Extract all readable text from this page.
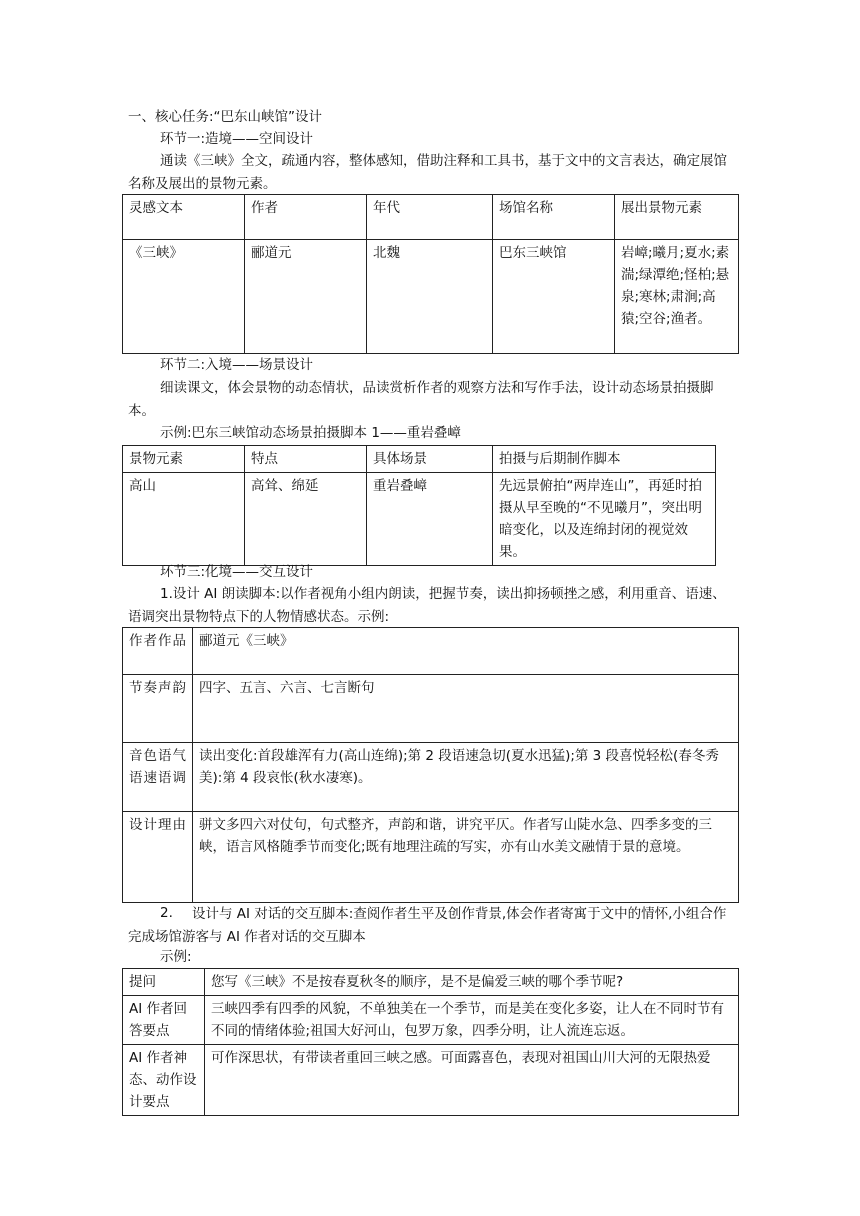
一、核心任务:“巴东山峡馆”设计
环节一:造境——空间设计
通读《三峡》全文，疏通内容，整体感知，借助注释和工具书，基于文中的文言表达，确定展馆名称及展出的景物元素。
灵感文本	作者	年代	场馆名称	展出景物元素
《三峡》	郦道元	北魏	巴东三峡馆	岩嶂;曦月;夏水;素湍;绿潭绝;怪柏;悬泉;寒林;肃涧;高猿;空谷;渔者。
环节二:入境——场景设计
细读课文，体会景物的动态情状，品读赏析作者的观察方法和写作手法，设计动态场景拍摄脚本。
示例:巴东三峡馆动态场景拍摄脚本 1——重岩叠嶂
景物元素	特点	具体场景	拍摄与后期制作脚本
高山	高耸、绵延	重岩叠嶂	先远景俯拍“两岸连山”，再延时拍摄从早至晚的“不见曦月”，突出明暗变化，以及连绵封闭的视觉效果。
环节三:化境——交互设计
1.设计 AI 朗读脚本:以作者视角小组内朗读，把握节奏，读出抑扬顿挫之感，利用重音、语速、语调突出景物特点下的人物情感状态。示例:
作者作品	郦道元《三峡》
节奏声韵	四字、五言、六言、七言断句
音色语气语速语调	读出变化:首段雄浑有力(高山连绵);第 2 段语速急切(夏水迅猛);第 3 段喜悦轻松(春冬秀美):第 4 段哀怅(秋水凄寒)。
设计理由	骈文多四六对仗句，句式整齐，声韵和谐，讲究平仄。作者写山陡水急、四季多变的三峡，语言风格随季节而变化;既有地理注疏的写实，亦有山水美文融情于景的意境。
2.	设计与 AI 对话的交互脚本:查阅作者生平及创作背景,体会作者寄寓于文中的情怀,小组合作完成场馆游客与 AI 作者对话的交互脚本
示例:
提问	您写《三峡》不是按春夏秋冬的顺序，是不是偏爱三峡的哪个季节呢?
AI 作者回答要点	三峡四季有四季的风貌，不单独美在一个季节，而是美在变化多姿，让人在不同时节有不同的情绪体验;祖国大好河山，包罗万象，四季分明，让人流连忘返。
AI 作者神态、动作设计要点	可作深思状，有带读者重回三峡之感。可面露喜色，表现对祖国山川大河的无限热爱
